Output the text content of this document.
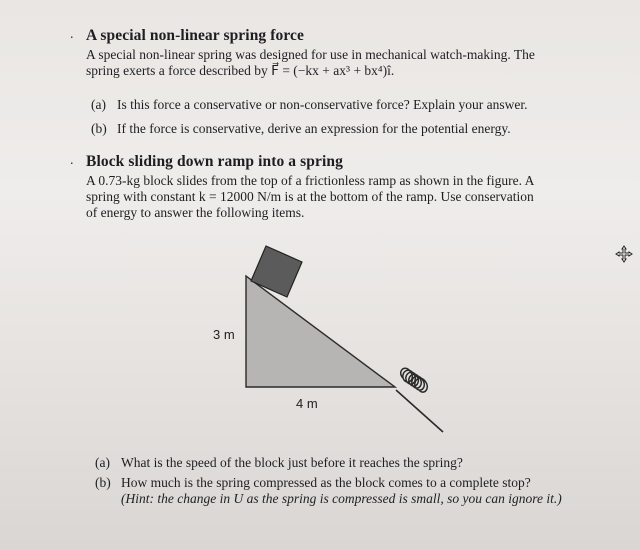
. A special non-linear spring force
A special non-linear spring was designed for use in mechanical watch-making. The
spring exerts a force described by F⃗ = (−kx + ax³ + bx⁴)î.
(a) Is this force a conservative or non-conservative force? Explain your answer.
(b) If the force is conservative, derive an expression for the potential energy.
. Block sliding down ramp into a spring
A 0.73-kg block slides from the top of a frictionless ramp as shown in the figure. A
spring with constant k = 12000 N/m is at the bottom of the ramp. Use conservation
of energy to answer the following items.
3 m
4 m
(a) What is the speed of the block just before it reaches the spring?
(b) How much is the spring compressed as the block comes to a complete stop?
(Hint: the change in U as the spring is compressed is small, so you can ignore it.)
